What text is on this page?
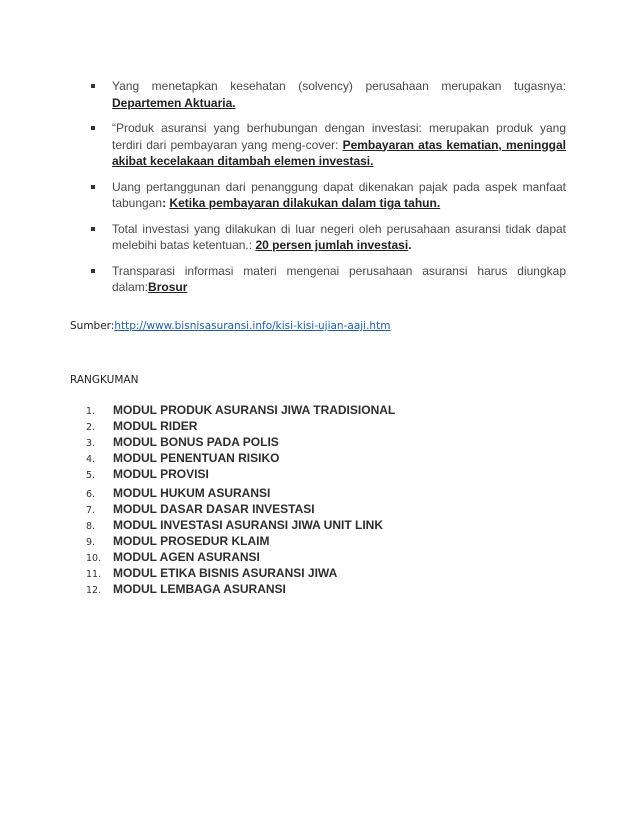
Yang menetapkan kesehatan (solvency) perusahaan merupakan tugasnya: Departemen Aktuaria.
“Produk asuransi yang berhubungan dengan investasi: merupakan produk yang terdiri dari pembayaran yang meng-cover: Pembayaran atas kematian, meninggal akibat kecelakaan ditambah elemen investasi.
Uang pertanggunan dari penanggung dapat dikenakan pajak pada aspek manfaat tabungan: Ketika pembayaran dilakukan dalam tiga tahun.
Total investasi yang dilakukan di luar negeri oleh perusahaan asuransi tidak dapat melebihi batas ketentuan.: 20 persen jumlah investasi.
Transparasi informasi materi mengenai perusahaan asuransi harus diungkap dalam:Brosur
Sumber:http://www.bisnisasuransi.info/kisi-kisi-ujian-aaji.htm
RANGKUMAN
1. MODUL PRODUK ASURANSI JIWA TRADISIONAL
2. MODUL RIDER
3. MODUL BONUS PADA POLIS
4. MODUL PENENTUAN RISIKO
5. MODUL PROVISI
6. MODUL HUKUM ASURANSI
7. MODUL DASAR DASAR INVESTASI
8. MODUL INVESTASI ASURANSI JIWA UNIT LINK
9. MODUL PROSEDUR KLAIM
10. MODUL AGEN ASURANSI
11. MODUL ETIKA BISNIS ASURANSI JIWA
12. MODUL LEMBAGA ASURANSI
